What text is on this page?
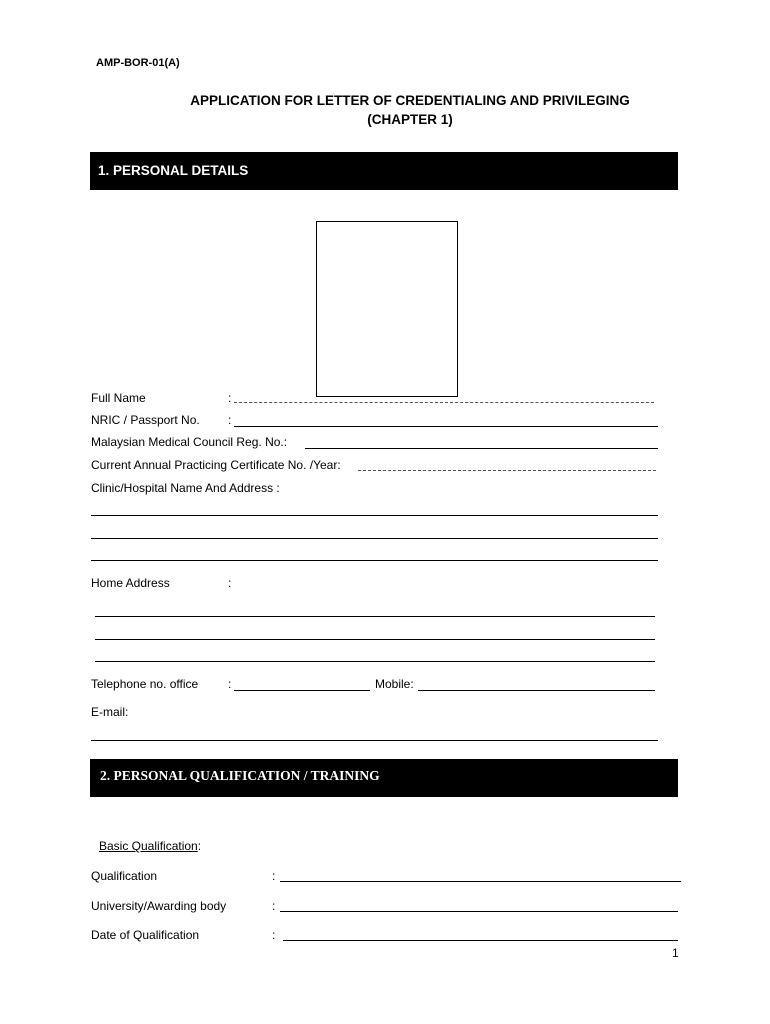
AMP-BOR-01(A)
APPLICATION FOR LETTER OF CREDENTIALING AND PRIVILEGING
(CHAPTER 1)
1. PERSONAL DETAILS
Full Name	:
NRIC / Passport No. :
Malaysian Medical Council Reg. No.:
Current Annual Practicing Certificate No. /Year:
Clinic/Hospital Name And Address :
Home Address	:
Telephone no. office :	Mobile:
E-mail:
2. PERSONAL QUALIFICATION / TRAINING
Basic Qualification:
Qualification	:
University/Awarding body	:
Date of Qualification	:
1
